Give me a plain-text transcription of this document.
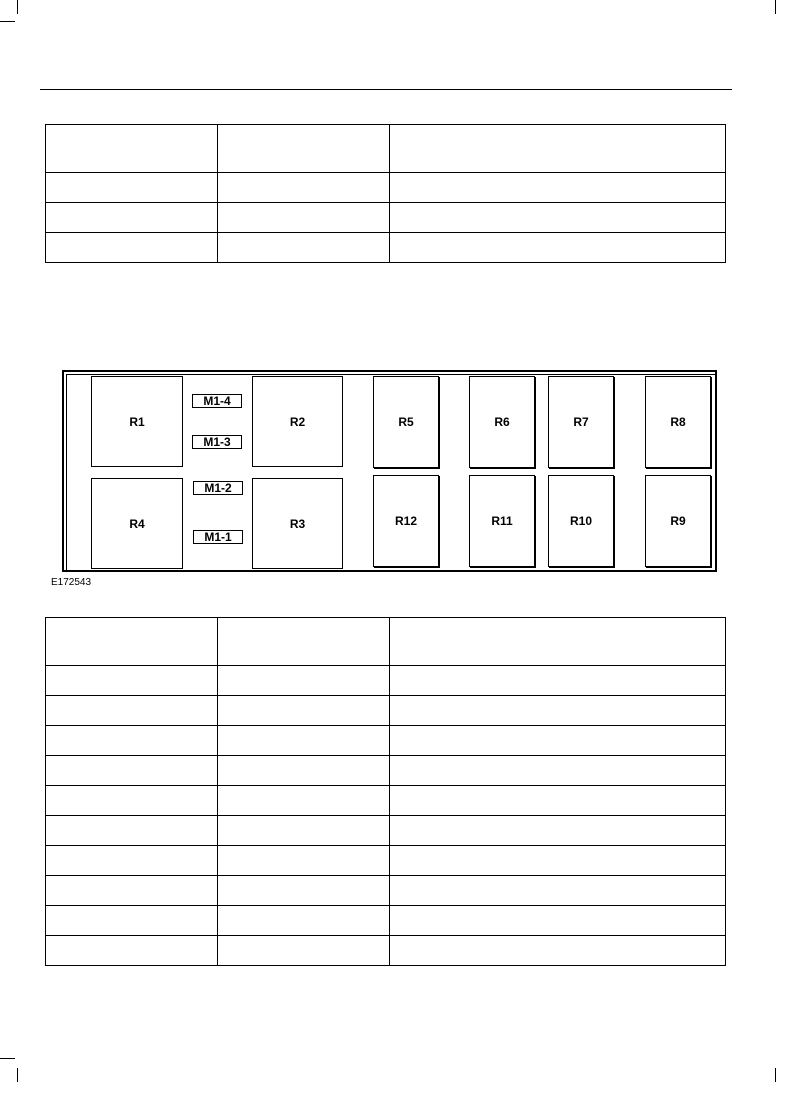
R1
R4
M1-4
M1-3
M1-2
M1-1
R2
R3
R5
R12
R6
R11
R7
R10
R8
R9
E172543
